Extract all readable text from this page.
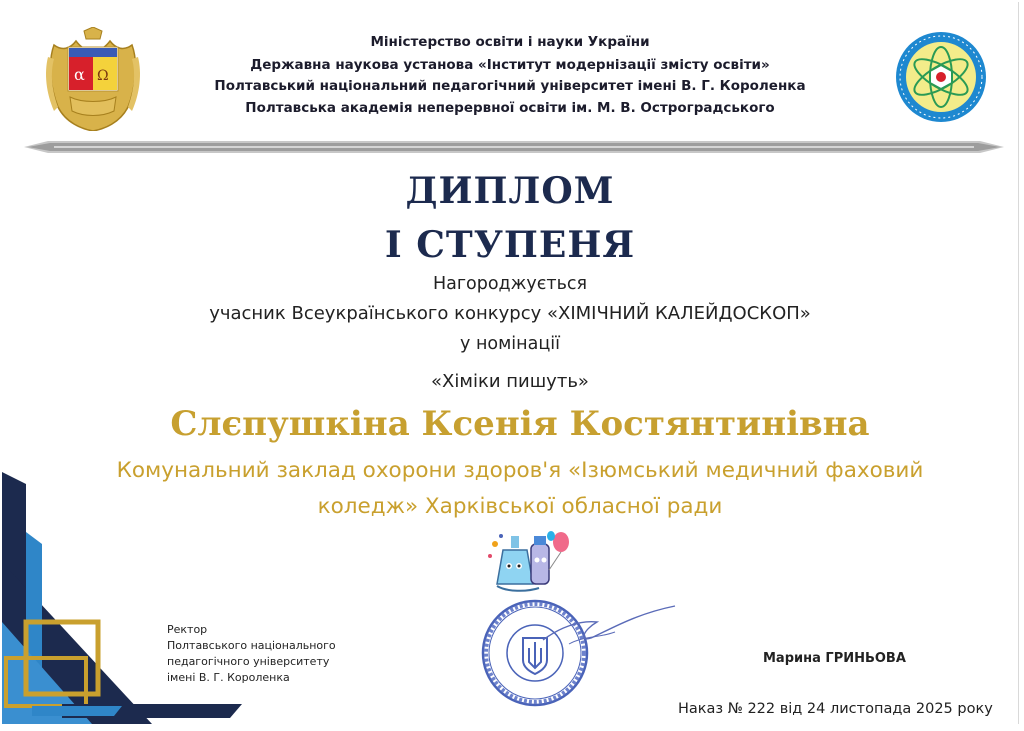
α Ω
Міністерство освіти і науки України
Державна наукова установа «Інститут модернізації змісту освіти»
Полтавський національний педагогічний університет імені В. Г. Короленка
Полтавська академія неперервної освіти ім. М. В. Остроградського
ДИПЛОМ
І СТУПЕНЯ
Нагороджується
учасник Всеукраїнського конкурсу «ХІМІЧНИЙ КАЛЕЙДОСКОП»
у номінації
«Хіміки пишуть»
Слєпушкіна Ксенія Костянтинівна
Комунальний заклад охорони здоров'я «Ізюмський медичний фаховий
коледж» Харківської обласної ради
Ректор
Полтавського національного
педагогічного університету
імені В. Г. Короленка
Марина ГРИНЬОВА
Наказ № 222 від 24 листопада 2025 року
